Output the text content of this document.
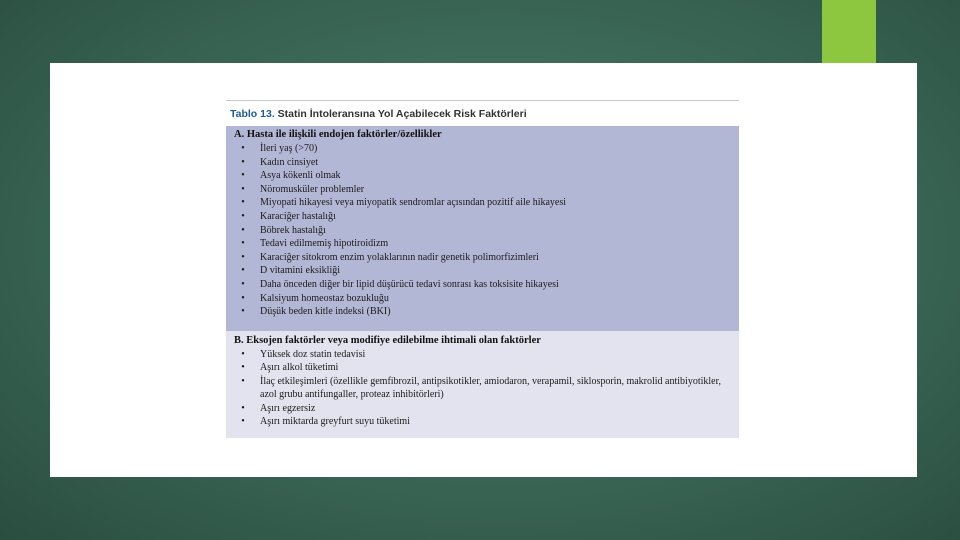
Tablo 13. Statin İntoleransına Yol Açabilecek Risk Faktörleri
A. Hasta ile ilişkili endojen faktörler/özellikler
•	İleri yaş (>70)
•	Kadın cinsiyet
•	Asya kökenli olmak
•	Nöromusküler problemler
•	Miyopati hikayesi veya miyopatik sendromlar açısından pozitif aile hikayesi
•	Karaciğer hastalığı
•	Böbrek hastalığı
•	Tedavi edilmemiş hipotiroidizm
•	Karaciğer sitokrom enzim yolaklarının nadir genetik polimorfizimleri
•	D vitamini eksikliği
•	Daha önceden diğer bir lipid düşürücü tedavi sonrası kas toksisite hikayesi
•	Kalsiyum homeostaz bozukluğu
•	Düşük beden kitle indeksi (BKI)
B. Eksojen faktörler veya modifiye edilebilme ihtimali olan faktörler
•	Yüksek doz statin tedavisi
•	Aşırı alkol tüketimi
•	İlaç etkileşimleri (özellikle gemfibrozil, antipsikotikler, amiodaron, verapamil, siklosporin, makrolid antibiyotikler, azol grubu antifungaller, proteaz inhibitörleri)
•	Aşırı egzersiz
•	Aşırı miktarda greyfurt suyu tüketimi
